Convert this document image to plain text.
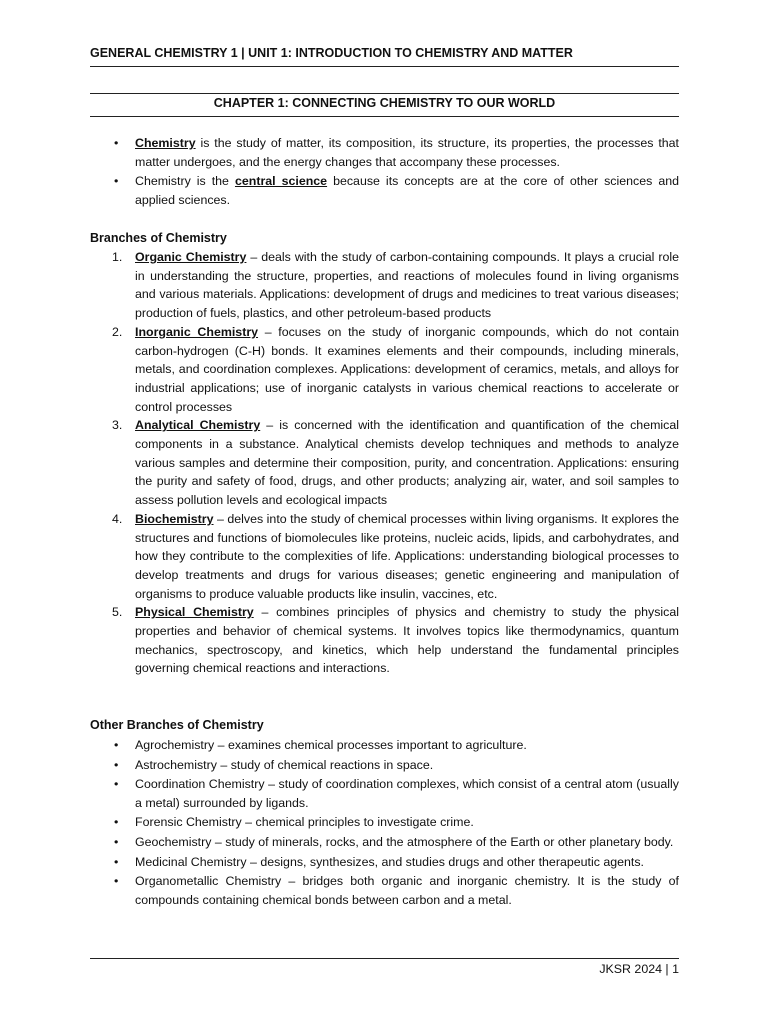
GENERAL CHEMISTRY 1 | UNIT 1: INTRODUCTION TO CHEMISTRY AND MATTER
CHAPTER 1: CONNECTING CHEMISTRY TO OUR WORLD
• Chemistry is the study of matter, its composition, its structure, its properties, the processes that matter undergoes, and the energy changes that accompany these processes.
• Chemistry is the central science because its concepts are at the core of other sciences and applied sciences.
Branches of Chemistry
1. Organic Chemistry – deals with the study of carbon-containing compounds. It plays a crucial role in understanding the structure, properties, and reactions of molecules found in living organisms and various materials. Applications: development of drugs and medicines to treat various diseases; production of fuels, plastics, and other petroleum-based products
2. Inorganic Chemistry – focuses on the study of inorganic compounds, which do not contain carbon-hydrogen (C-H) bonds. It examines elements and their compounds, including minerals, metals, and coordination complexes. Applications: development of ceramics, metals, and alloys for industrial applications; use of inorganic catalysts in various chemical reactions to accelerate or control processes
3. Analytical Chemistry – is concerned with the identification and quantification of the chemical components in a substance. Analytical chemists develop techniques and methods to analyze various samples and determine their composition, purity, and concentration. Applications: ensuring the purity and safety of food, drugs, and other products; analyzing air, water, and soil samples to assess pollution levels and ecological impacts
4. Biochemistry – delves into the study of chemical processes within living organisms. It explores the structures and functions of biomolecules like proteins, nucleic acids, lipids, and carbohydrates, and how they contribute to the complexities of life. Applications: understanding biological processes to develop treatments and drugs for various diseases; genetic engineering and manipulation of organisms to produce valuable products like insulin, vaccines, etc.
5. Physical Chemistry – combines principles of physics and chemistry to study the physical properties and behavior of chemical systems. It involves topics like thermodynamics, quantum mechanics, spectroscopy, and kinetics, which help understand the fundamental principles governing chemical reactions and interactions.
Other Branches of Chemistry
• Agrochemistry – examines chemical processes important to agriculture.
• Astrochemistry – study of chemical reactions in space.
• Coordination Chemistry – study of coordination complexes, which consist of a central atom (usually a metal) surrounded by ligands.
• Forensic Chemistry – chemical principles to investigate crime.
• Geochemistry – study of minerals, rocks, and the atmosphere of the Earth or other planetary body.
• Medicinal Chemistry – designs, synthesizes, and studies drugs and other therapeutic agents.
• Organometallic Chemistry – bridges both organic and inorganic chemistry. It is the study of compounds containing chemical bonds between carbon and a metal.
JKSR 2024 | 1
